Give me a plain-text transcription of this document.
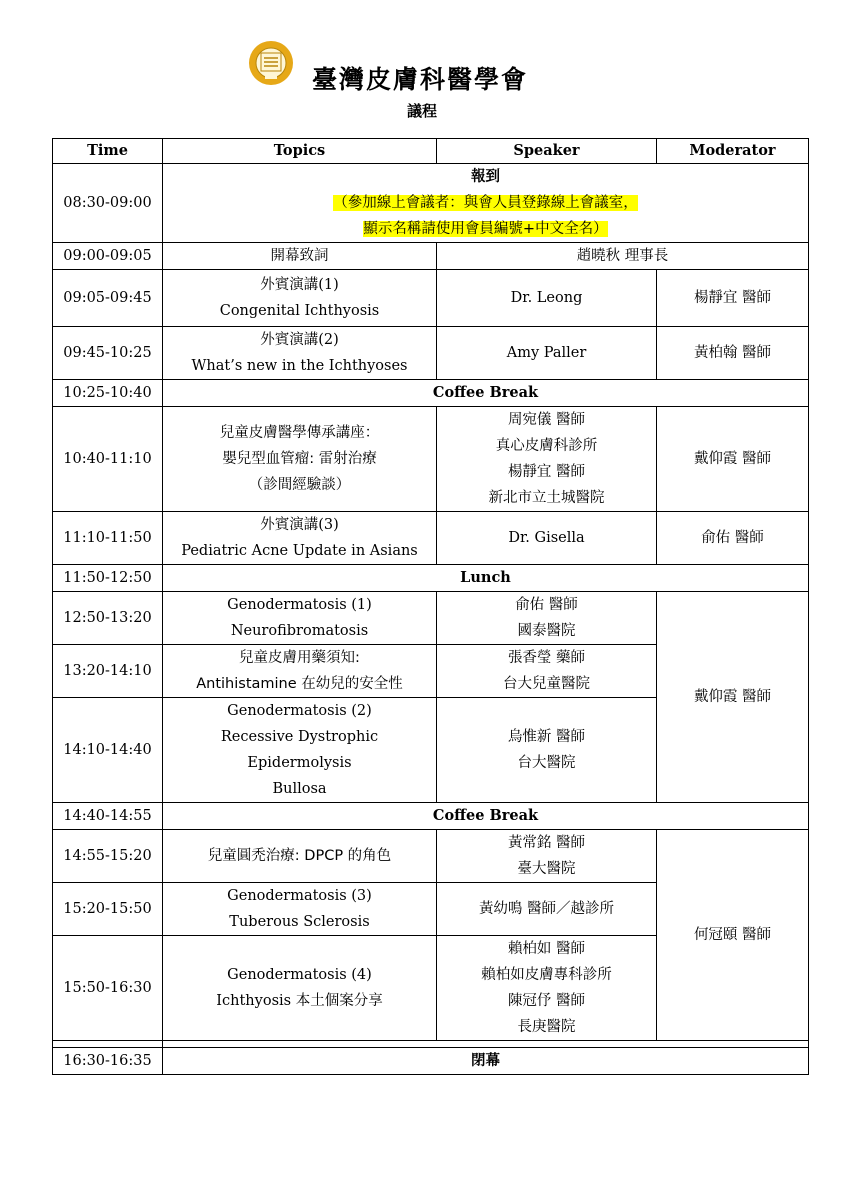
臺灣皮膚科醫學會
議程
Time	Topics	Speaker	Moderator
08:30-09:00	報到
（參加線上會議者：與會人員登錄線上會議室，
顯示名稱請使用會員編號+中文全名）		

09:00-09:05	開幕致詞	趙曉秋 理事長	
09:05-09:45	外賓演講(1)
Congenital Ichthyosis	Dr. Leong	楊靜宜 醫師
09:45-10:25	外賓演講(2)
What’s new in the Ichthyoses	Amy Paller	黃柏翰 醫師
10:25-10:40	Coffee Break		
10:40-11:10	兒童皮膚醫學傳承講座：
嬰兒型血管瘤: 雷射治療
（診間經驗談）	周宛儀 醫師
真心皮膚科診所
楊靜宜 醫師
新北市立土城醫院	戴仰霞 醫師
11:10-11:50	外賓演講(3)
Pediatric Acne Update in Asians	Dr. Gisella	俞佑 醫師
11:50-12:50	Lunch		
12:50-13:20	Genodermatosis (1)
Neurofibromatosis	俞佑 醫師
國泰醫院	戴仰霞 醫師
13:20-14:10	兒童皮膚用藥須知:
Antihistamine 在幼兒的安全性	張香瑩 藥師
台大兒童醫院	

14:10-14:40	Genodermatosis (2)
Recessive Dystrophic Epidermolysis
Bullosa	烏惟新 醫師
台大醫院	

14:40-14:55	Coffee Break		
14:55-15:20	兒童圓禿治療: DPCP 的角色	黃常銘 醫師
臺大醫院	何冠頤 醫師
15:20-15:50	Genodermatosis (3)
Tuberous Sclerosis	黃幼鳴 醫師／越診所	
15:50-16:30	Genodermatosis (4)
Ichthyosis 本土個案分享	賴柏如 醫師
賴柏如皮膚專科診所
陳冠伃 醫師
長庚醫院	

16:30-16:35	閉幕		
